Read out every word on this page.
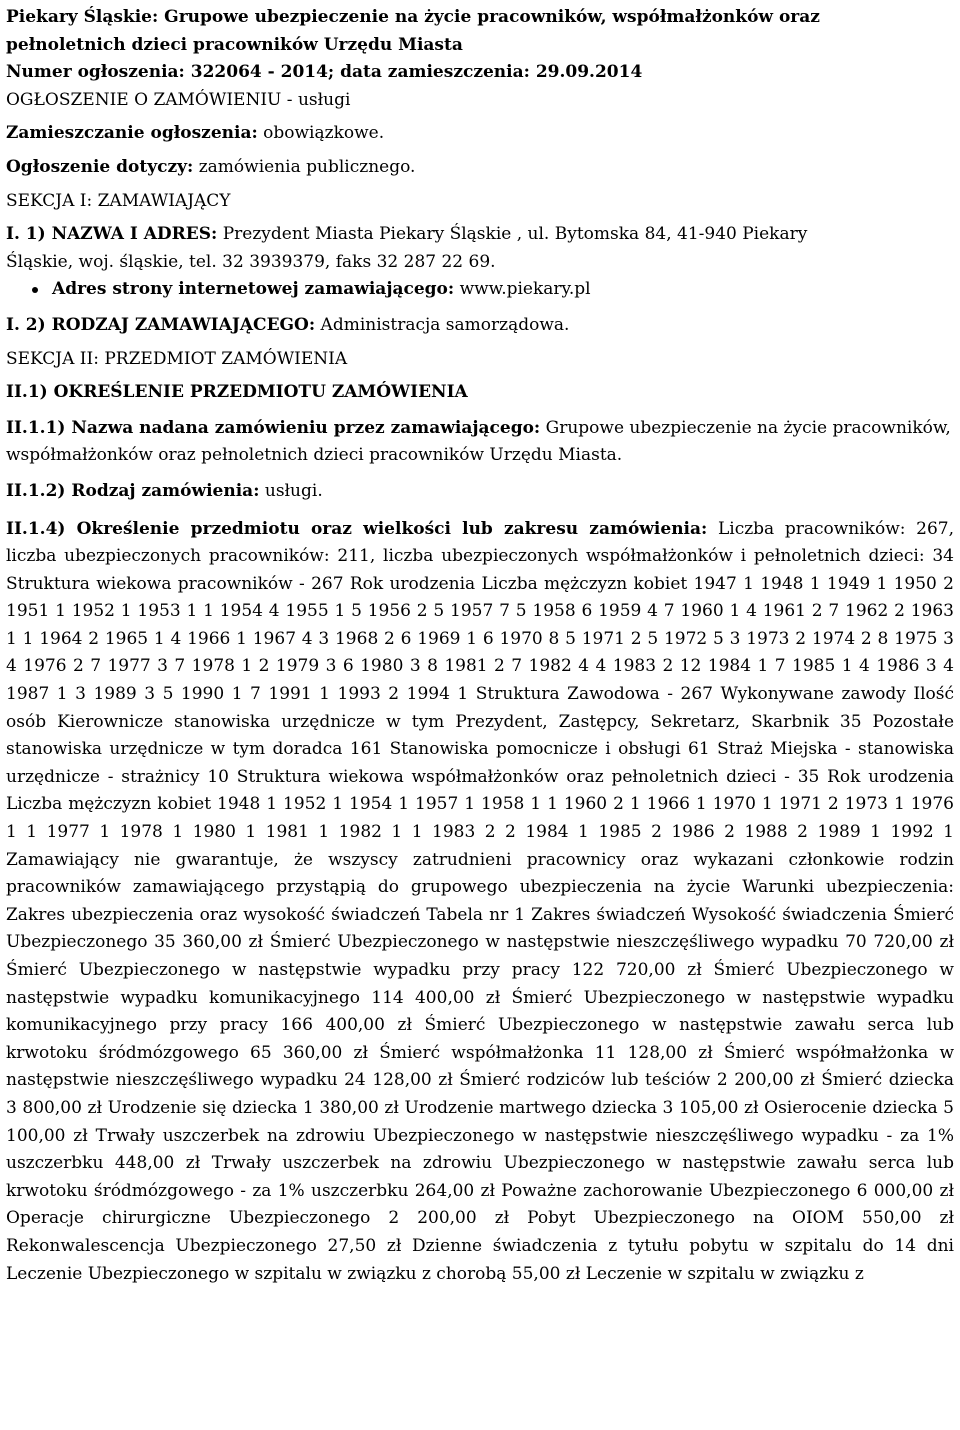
Piekary Śląskie: Grupowe ubezpieczenie na życie pracowników, współmałżonków oraz

pełnoletnich dzieci pracowników Urzędu Miasta

Numer ogłoszenia: 322064 - 2014; data zamieszczenia: 29.09.2014

OGŁOSZENIE O ZAMÓWIENIU - usługi

Zamieszczanie ogłoszenia: obowiązkowe.

Ogłoszenie dotyczy: zamówienia publicznego.

SEKCJA I: ZAMAWIAJĄCY

I. 1) NAZWA I ADRES: Prezydent Miasta Piekary Śląskie , ul. Bytomska 84, 41-940 Piekary

Śląskie, woj. śląskie, tel. 32 3939379, faks 32 287 22 69.

Adres strony internetowej zamawiającego: www.piekary.pl

I. 2) RODZAJ ZAMAWIAJĄCEGO: Administracja samorządowa.

SEKCJA II: PRZEDMIOT ZAMÓWIENIA

II.1) OKREŚLENIE PRZEDMIOTU ZAMÓWIENIA

II.1.1) Nazwa nadana zamówieniu przez zamawiającego: Grupowe ubezpieczenie na życie pracowników, współmałżonków oraz pełnoletnich dzieci pracowników Urzędu Miasta.

II.1.2) Rodzaj zamówienia: usługi.

II.1.4) Określenie przedmiotu oraz wielkości lub zakresu zamówienia: Liczba pracowników: 267, liczba ubezpieczonych pracowników: 211, liczba ubezpieczonych współmałżonków i pełnoletnich dzieci: 34 Struktura wiekowa pracowników - 267 Rok urodzenia Liczba mężczyzn kobiet 1947 1 1948 1 1949 1 1950 2 1951 1 1952 1 1953 1 1 1954 4 1955 1 5 1956 2 5 1957 7 5 1958 6 1959 4 7 1960 1 4 1961 2 7 1962 2 1963 1 1 1964 2 1965 1 4 1966 1 1967 4 3 1968 2 6 1969 1 6 1970 8 5 1971 2 5 1972 5 3 1973 2 1974 2 8 1975 3 4 1976 2 7 1977 3 7 1978 1 2 1979 3 6 1980 3 8 1981 2 7 1982 4 4 1983 2 12 1984 1 7 1985 1 4 1986 3 4 1987 1 3 1989 3 5 1990 1 7 1991 1 1993 2 1994 1 Struktura Zawodowa - 267 Wykonywane zawody Ilość osób Kierownicze stanowiska urzędnicze w tym Prezydent, Zastępcy, Sekretarz, Skarbnik 35 Pozostałe stanowiska urzędnicze w tym doradca 161 Stanowiska pomocnicze i obsługi 61 Straż Miejska - stanowiska urzędnicze - strażnicy 10 Struktura wiekowa współmałżonków oraz pełnoletnich dzieci - 35 Rok urodzenia Liczba mężczyzn kobiet 1948 1 1952 1 1954 1 1957 1 1958 1 1 1960 2 1 1966 1 1970 1 1971 2 1973 1 1976 1 1 1977 1 1978 1 1980 1 1981 1 1982 1 1 1983 2 2 1984 1 1985 2 1986 2 1988 2 1989 1 1992 1 Zamawiający nie gwarantuje, że wszyscy zatrudnieni pracownicy oraz wykazani członkowie rodzin pracowników zamawiającego przystąpią do grupowego ubezpieczenia na życie Warunki ubezpieczenia: Zakres ubezpieczenia oraz wysokość świadczeń Tabela nr 1 Zakres świadczeń Wysokość świadczenia Śmierć Ubezpieczonego 35 360,00 zł Śmierć Ubezpieczonego w następstwie nieszczęśliwego wypadku 70 720,00 zł Śmierć Ubezpieczonego w następstwie wypadku przy pracy 122 720,00 zł Śmierć Ubezpieczonego w następstwie wypadku komunikacyjnego 114 400,00 zł Śmierć Ubezpieczonego w następstwie wypadku komunikacyjnego przy pracy 166 400,00 zł Śmierć Ubezpieczonego w następstwie zawału serca lub krwotoku śródmózgowego 65 360,00 zł Śmierć współmałżonka 11 128,00 zł Śmierć współmałżonka w następstwie nieszczęśliwego wypadku 24 128,00 zł Śmierć rodziców lub teściów 2 200,00 zł Śmierć dziecka 3 800,00 zł Urodzenie się dziecka 1 380,00 zł Urodzenie martwego dziecka 3 105,00 zł Osierocenie dziecka 5 100,00 zł Trwały uszczerbek na zdrowiu Ubezpieczonego w następstwie nieszczęśliwego wypadku - za 1% uszczerbku 448,00 zł Trwały uszczerbek na zdrowiu Ubezpieczonego w następstwie zawału serca lub krwotoku śródmózgowego - za 1% uszczerbku 264,00 zł Poważne zachorowanie Ubezpieczonego 6 000,00 zł Operacje chirurgiczne Ubezpieczonego 2 200,00 zł Pobyt Ubezpieczonego na OIOM 550,00 zł Rekonwalescencja Ubezpieczonego 27,50 zł Dzienne świadczenia z tytułu pobytu w szpitalu do 14 dni Leczenie Ubezpieczonego w szpitalu w związku z chorobą 55,00 zł Leczenie w szpitalu w związku z
